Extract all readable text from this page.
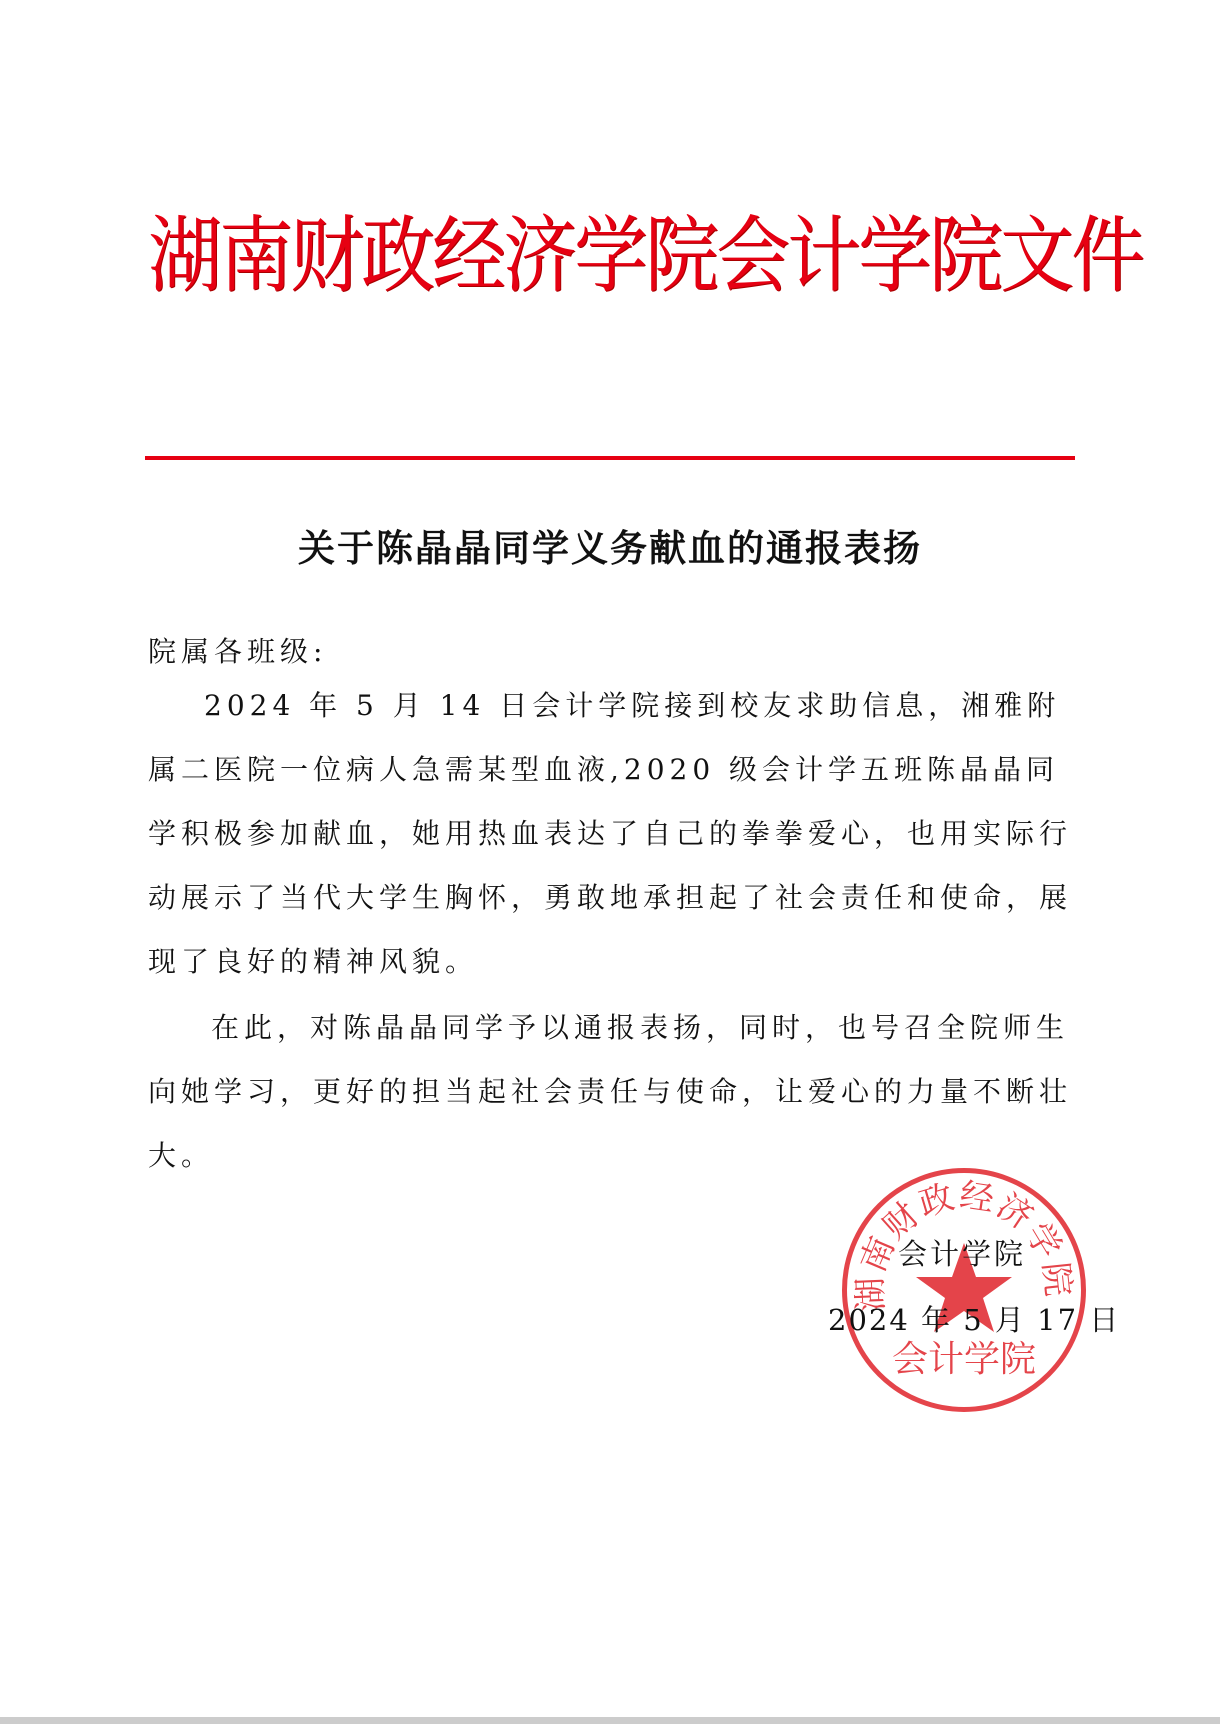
湖南财政经济学院会计学院文件
关于陈晶晶同学义务献血的通报表扬
院属各班级:
2024 年 5 月 14 日会计学院接到校友求助信息，湘雅附属二医院一位病人急需某型血液,2020 级会计学五班陈晶晶同学积极参加献血，她用热血表达了自己的拳拳爱心，也用实际行动展示了当代大学生胸怀，勇敢地承担起了社会责任和使命，展现了良好的精神风貌。
在此，对陈晶晶同学予以通报表扬，同时，也号召全院师生向她学习，更好的担当起社会责任与使命，让爱心的力量不断壮大。
湖南财政经济学院
会计学院
会计学院
2024 年 5 月 17 日
